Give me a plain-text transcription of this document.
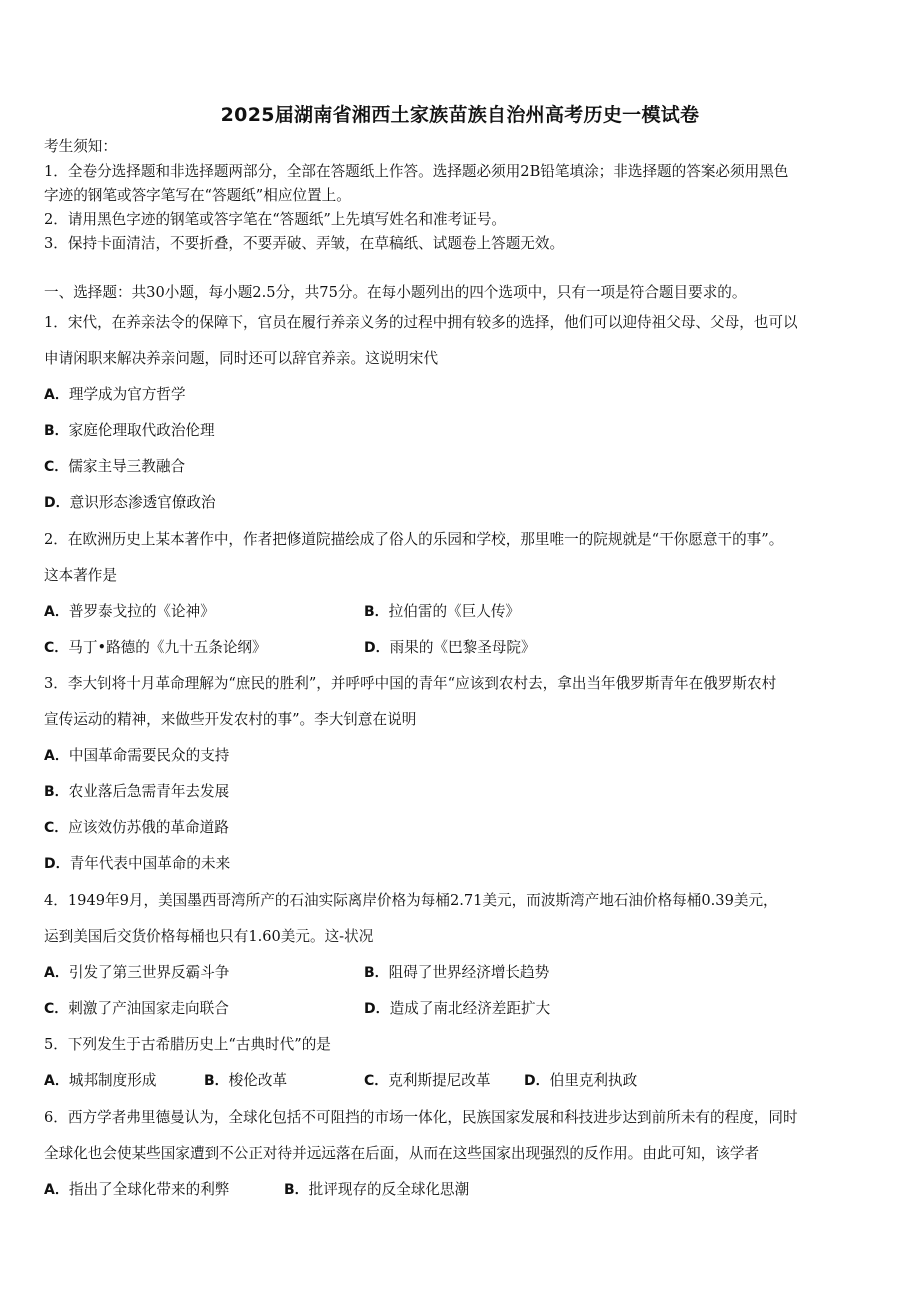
2025届湖南省湘西土家族苗族自治州高考历史一模试卷
考生须知：
1．全卷分选择题和非选择题两部分，全部在答题纸上作答。选择题必须用2B铅笔填涂；非选择题的答案必须用黑色
字迹的钢笔或答字笔写在“答题纸”相应位置上。
2．请用黑色字迹的钢笔或答字笔在“答题纸”上先填写姓名和准考证号。
3．保持卡面清洁，不要折叠，不要弄破、弄皱，在草稿纸、试题卷上答题无效。
一、选择题：共30小题，每小题2.5分，共75分。在每小题列出的四个选项中，只有一项是符合题目要求的。
1．宋代，在养亲法令的保障下，官员在履行养亲义务的过程中拥有较多的选择，他们可以迎侍祖父母、父母，也可以
申请闲职来解决养亲问题，同时还可以辞官养亲。这说明宋代
A．理学成为官方哲学
B．家庭伦理取代政治伦理
C．儒家主导三教融合
D．意识形态渗透官僚政治
2．在欧洲历史上某本著作中，作者把修道院描绘成了俗人的乐园和学校，那里唯一的院规就是“干你愿意干的事”。
这本著作是
A．普罗泰戈拉的《论神》	B．拉伯雷的《巨人传》
C．马丁•路德的《九十五条论纲》	D．雨果的《巴黎圣母院》
3．李大钊将十月革命理解为“庶民的胜利”，并呼呼中国的青年“应该到农村去，拿出当年俄罗斯青年在俄罗斯农村
宣传运动的精神，来做些开发农村的事”。李大钊意在说明
A．中国革命需要民众的支持
B．农业落后急需青年去发展
C．应该效仿苏俄的革命道路
D．青年代表中国革命的未来
4．1949年9月，美国墨西哥湾所产的石油实际离岸价格为每桶2.71美元，而波斯湾产地石油价格每桶0.39美元，
运到美国后交货价格每桶也只有1.60美元。这-状况
A．引发了第三世界反霸斗争	B．阻碍了世界经济增长趋势
C．刺激了产油国家走向联合	D．造成了南北经济差距扩大
5．下列发生于古希腊历史上“古典时代”的是
A．城邦制度形成	B．梭伦改革	C．克利斯提尼改革 D．伯里克利执政
6．西方学者弗里德曼认为，全球化包括不可阻挡的市场一体化，民族国家发展和科技进步达到前所未有的程度，同时
全球化也会使某些国家遭到不公正对待并远远落在后面，从而在这些国家出现强烈的反作用。由此可知，该学者
A．指出了全球化带来的利弊	B．批评现存的反全球化思潮
